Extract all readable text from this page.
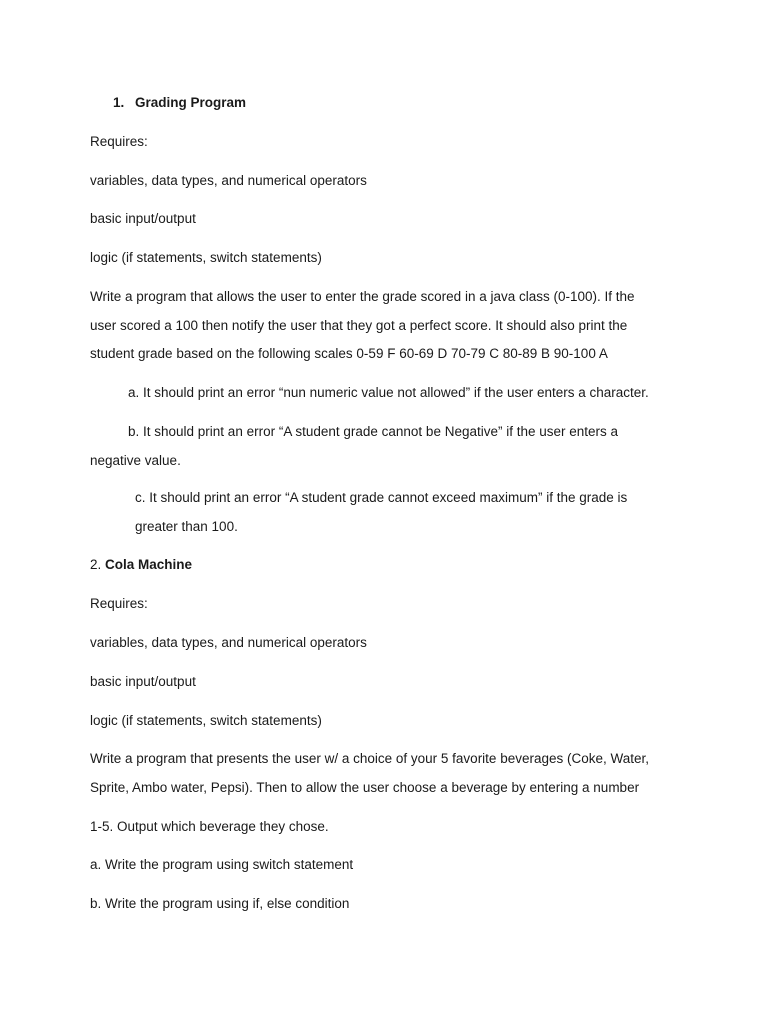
1. Grading Program
Requires:
variables, data types, and numerical operators
basic input/output
logic (if statements, switch statements)
Write a program that allows the user to enter the grade scored in a java class (0-100). If the
user scored a 100 then notify the user that they got a perfect score. It should also print the
student grade based on the following scales 0-59 F 60-69 D 70-79 C 80-89 B 90-100 A
a. It should print an error “nun numeric value not allowed” if the user enters a character.
b. It should print an error “A student grade cannot be Negative” if the user enters a
negative value.
c. It should print an error “A student grade cannot exceed maximum” if the grade is
greater than 100.
2. Cola Machine
Requires:
variables, data types, and numerical operators
basic input/output
logic (if statements, switch statements)
Write a program that presents the user w/ a choice of your 5 favorite beverages (Coke, Water,
Sprite, Ambo water, Pepsi). Then to allow the user choose a beverage by entering a number
1-5. Output which beverage they chose.
a. Write the program using switch statement
b. Write the program using if, else condition
